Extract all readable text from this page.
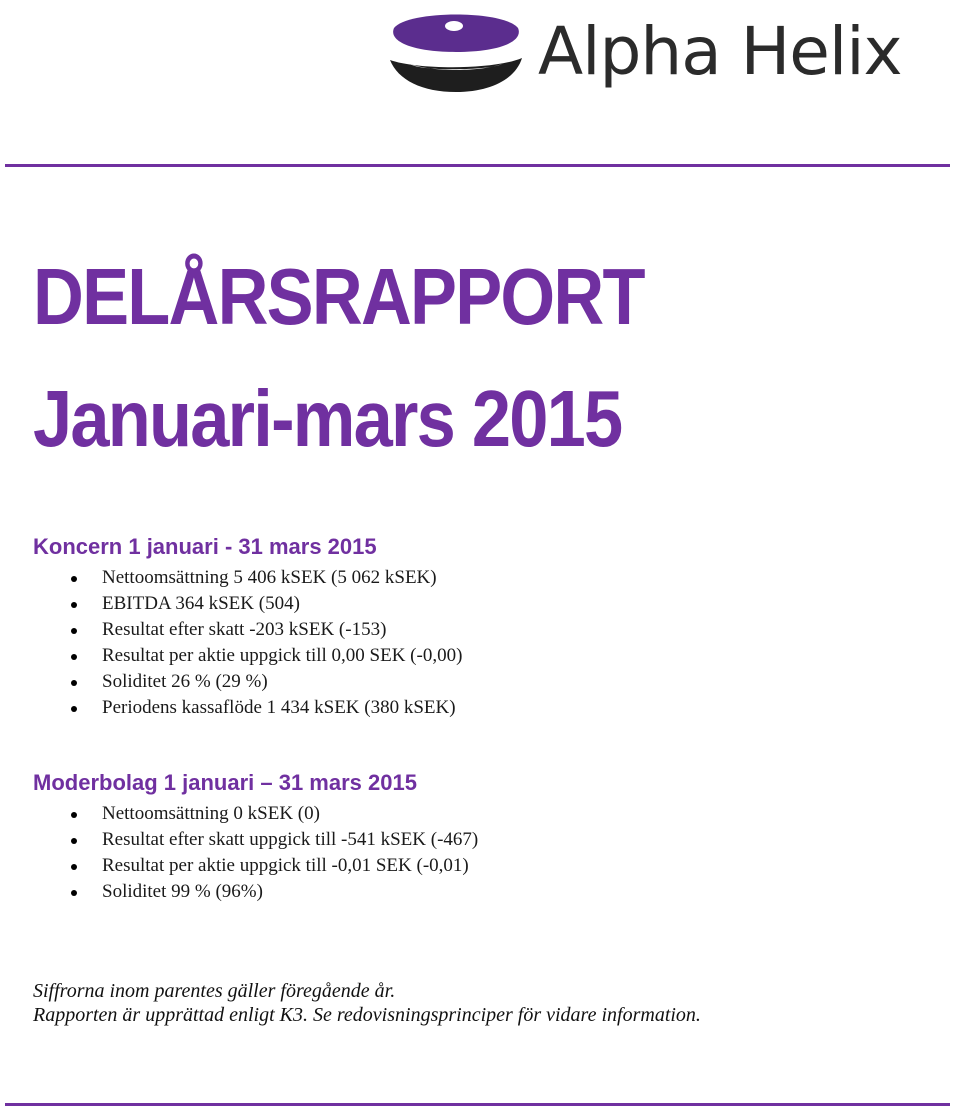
Alpha Helix
DELÅRSRAPPORT
Januari-mars 2015
Koncern 1 januari - 31 mars 2015
Nettoomsättning 5 406 kSEK (5 062 kSEK)
EBITDA 364 kSEK (504)
Resultat efter skatt -203 kSEK (-153)
Resultat per aktie uppgick till 0,00 SEK (-0,00)
Soliditet 26 % (29 %)
Periodens kassaflöde 1 434 kSEK (380 kSEK)
Moderbolag 1 januari – 31 mars 2015
Nettoomsättning 0 kSEK (0)
Resultat efter skatt uppgick till -541 kSEK (-467)
Resultat per aktie uppgick till -0,01 SEK (-0,01)
Soliditet 99 % (96%)
Siffrorna inom parentes gäller föregående år.
Rapporten är upprättad enligt K3. Se redovisningsprinciper för vidare information.
